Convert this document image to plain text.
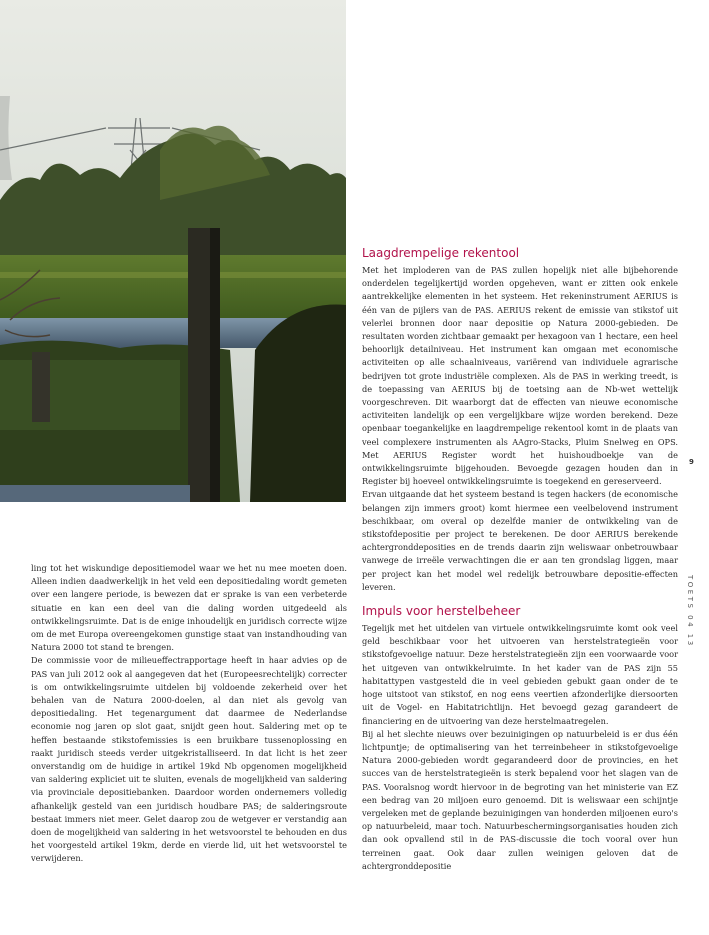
ling tot het wiskundige depositiemodel waar we het nu mee moeten doen. Alleen indien daadwerkelijk in het veld een depositiedaling wordt gemeten over een langere periode, is bewezen dat er sprake is van een verbeterde situatie en kan een deel van die daling worden uitgedeeld als ontwikkelingsruimte. Dat is de enige inhoudelijk en juridisch correcte wijze om de met Europa overeengekomen gunstige staat van instandhouding van Natura 2000 tot stand te brengen.

De commissie voor de milieueffectrapportage heeft in haar advies op de PAS van juli 2012 ook al aangegeven dat het (Europeesrechtelijk) correcter is om ontwikkelingsruimte uitdelen bij voldoende zekerheid over het behalen van de Natura 2000-doelen, al dan niet als gevolg van depositiedaling. Het tegenargument dat daarmee de Nederlandse economie nog jaren op slot gaat, snijdt geen hout. Saldering met op te heffen bestaande stikstofemissies is een bruikbare tussenoplossing en raakt juridisch steeds verder uitgekristalliseerd. In dat licht is het zeer onverstandig om de huidige in artikel 19kd Nb opgenomen mogelijkheid van saldering expliciet uit te sluiten, evenals de mogelijkheid van saldering via provinciale depositiebanken. Daardoor worden ondernemers volledig afhankelijk gesteld van een juridisch houdbare PAS; de salderingsroute bestaat immers niet meer. Gelet daarop zou de wetgever er verstandig aan doen de mogelijkheid van saldering in het wetsvoorstel te behouden en dus het voorgesteld artikel 19km, derde en vierde lid, uit het wetsvoorstel te verwijderen.

Laagdrempelige rekentool

Met het imploderen van de PAS zullen hopelijk niet alle bijbehorende onderdelen tegelijkertijd worden opgeheven, want er zitten ook enkele aantrekkelijke elementen in het systeem. Het rekeninstrument AERIUS is één van de pijlers van de PAS. AERIUS rekent de emissie van stikstof uit velerlei bronnen door naar depositie op Natura 2000-gebieden. De resultaten worden zichtbaar gemaakt per hexagoon van 1 hectare, een heel behoorlijk detailniveau. Het instrument kan omgaan met economische activiteiten op alle schaalniveaus, variërend van individuele agrarische bedrijven tot grote industriële complexen. Als de PAS in werking treedt, is de toepassing van AERIUS bij de toetsing aan de Nb-wet wettelijk voorgeschreven. Dit waarborgt dat de effecten van nieuwe economische activiteiten landelijk op een vergelijkbare wijze worden berekend. Deze openbaar toegankelijke en laagdrempelige rekentool komt in de plaats van veel complexere instrumenten als AAgro-Stacks, Pluim Snelweg en OPS. Met AERIUS Register wordt het huishoudboekje van de ontwikkelingsruimte bijgehouden. Bevoegde gezagen houden dan in Register bij hoeveel ontwikkelingsruimte is toegekend en gereserveerd.

Ervan uitgaande dat het systeem bestand is tegen hackers (de economische belangen zijn immers groot) komt hiermee een veelbelovend instrument beschikbaar, om overal op dezelfde manier de ontwikkeling van de stikstofdepositie per project te berekenen. De door AERIUS berekende achtergronddeposities en de trends daarin zijn weliswaar onbetrouwbaar vanwege de irreële verwachtingen die er aan ten grondslag liggen, maar per project kan het model wel redelijk betrouwbare depositie-effecten leveren.

Impuls voor herstelbeheer

Tegelijk met het uitdelen van virtuele ontwikkelingsruimte komt ook veel geld beschikbaar voor het uitvoeren van herstelstrategieën voor stikstofgevoelige natuur. Deze herstelstrategieën zijn een voorwaarde voor het uitgeven van ontwikkelruimte. In het kader van de PAS zijn 55 habitattypen vastgesteld die in veel gebieden gebukt gaan onder de te hoge uitstoot van stikstof, en nog eens veertien afzonderlijke diersoorten uit de Vogel- en Habitatrichtlijn. Het bevoegd gezag garandeert de financiering en de uitvoering van deze herstelmaatregelen.

Bij al het slechte nieuws over bezuinigingen op natuurbeleid is er dus één lichtpuntje; de optimalisering van het terreinbeheer in stikstofgevoelige Natura 2000-gebieden wordt gegarandeerd door de provincies, en het succes van de herstelstrategieën is sterk bepalend voor het slagen van de PAS. Vooralsnog wordt hiervoor in de begroting van het ministerie van EZ een bedrag van 20 miljoen euro genoemd. Dit is weliswaar een schijntje vergeleken met de geplande bezuinigingen van honderden miljoenen euro's op natuurbeleid, maar toch. Natuurbeschermingsorganisaties houden zich dan ook opvallend stil in de PAS-discussie die toch vooral over hun terreinen gaat. Ook daar zullen weinigen geloven dat de achtergronddepositie

9
TOETS 04 13
